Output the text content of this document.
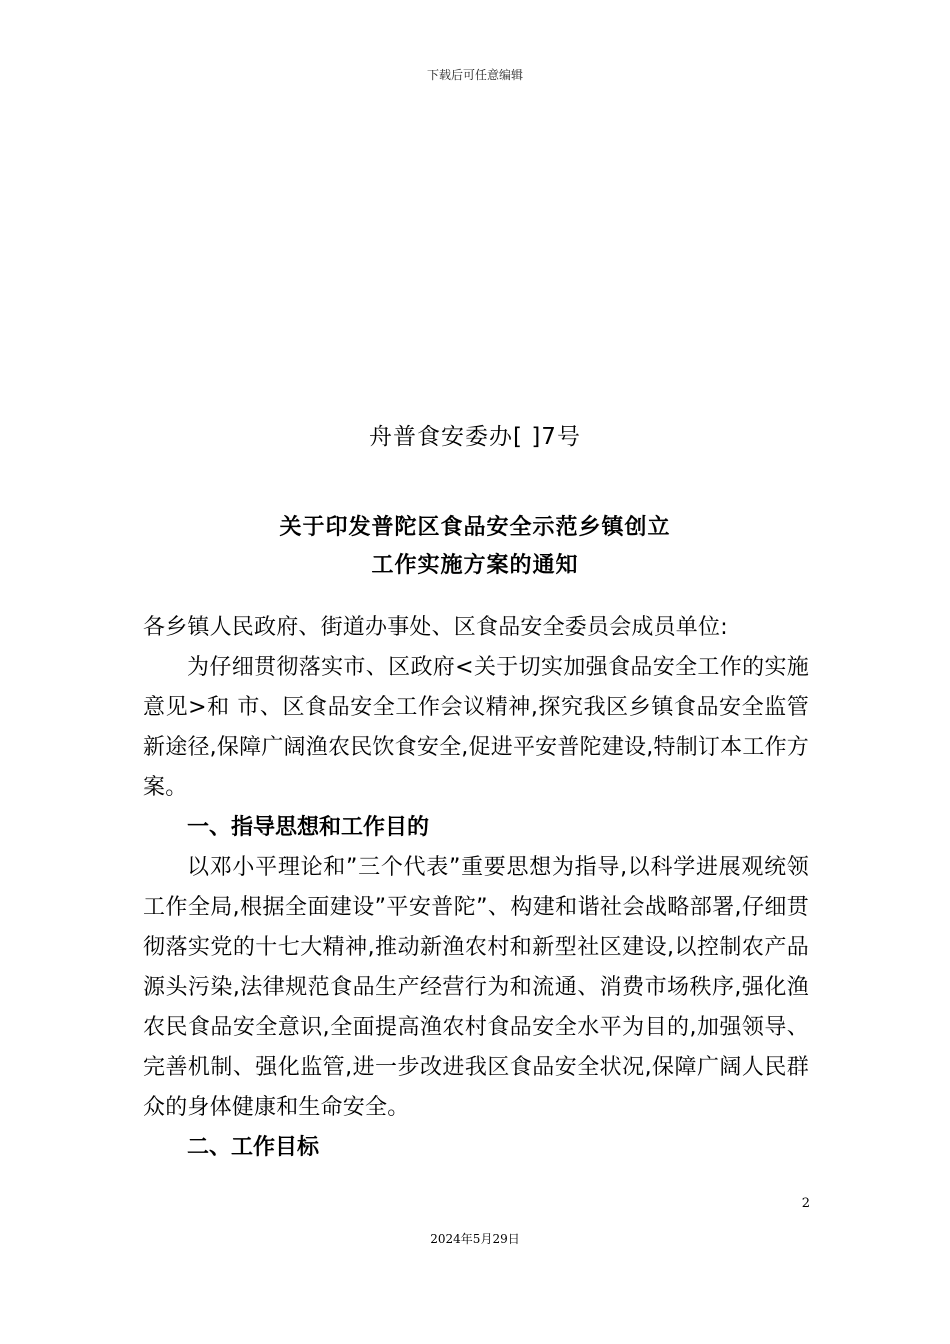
下载后可任意编辑
舟普食安委办[ ]7号
关于印发普陀区食品安全示范乡镇创立
工作实施方案的通知

各乡镇人民政府、街道办事处、区食品安全委员会成员单位:

为仔细贯彻落实市、区政府<关于切实加强食品安全工作的实施意见>和 市、区食品安全工作会议精神,探究我区乡镇食品安全监管新途径,保障广阔渔农民饮食安全,促进平安普陀建设,特制订本工作方案。

一、指导思想和工作目的

以邓小平理论和”三个代表”重要思想为指导,以科学进展观统领工作全局,根据全面建设”平安普陀”、构建和谐社会战略部署,仔细贯彻落实党的十七大精神,推动新渔农村和新型社区建设,以控制农产品源头污染,法律规范食品生产经营行为和流通、消费市场秩序,强化渔农民食品安全意识,全面提高渔农村食品安全水平为目的,加强领导、完善机制、强化监管,进一步改进我区食品安全状况,保障广阔人民群众的身体健康和生命安全。

二、工作目标

2
2024年5月29日
